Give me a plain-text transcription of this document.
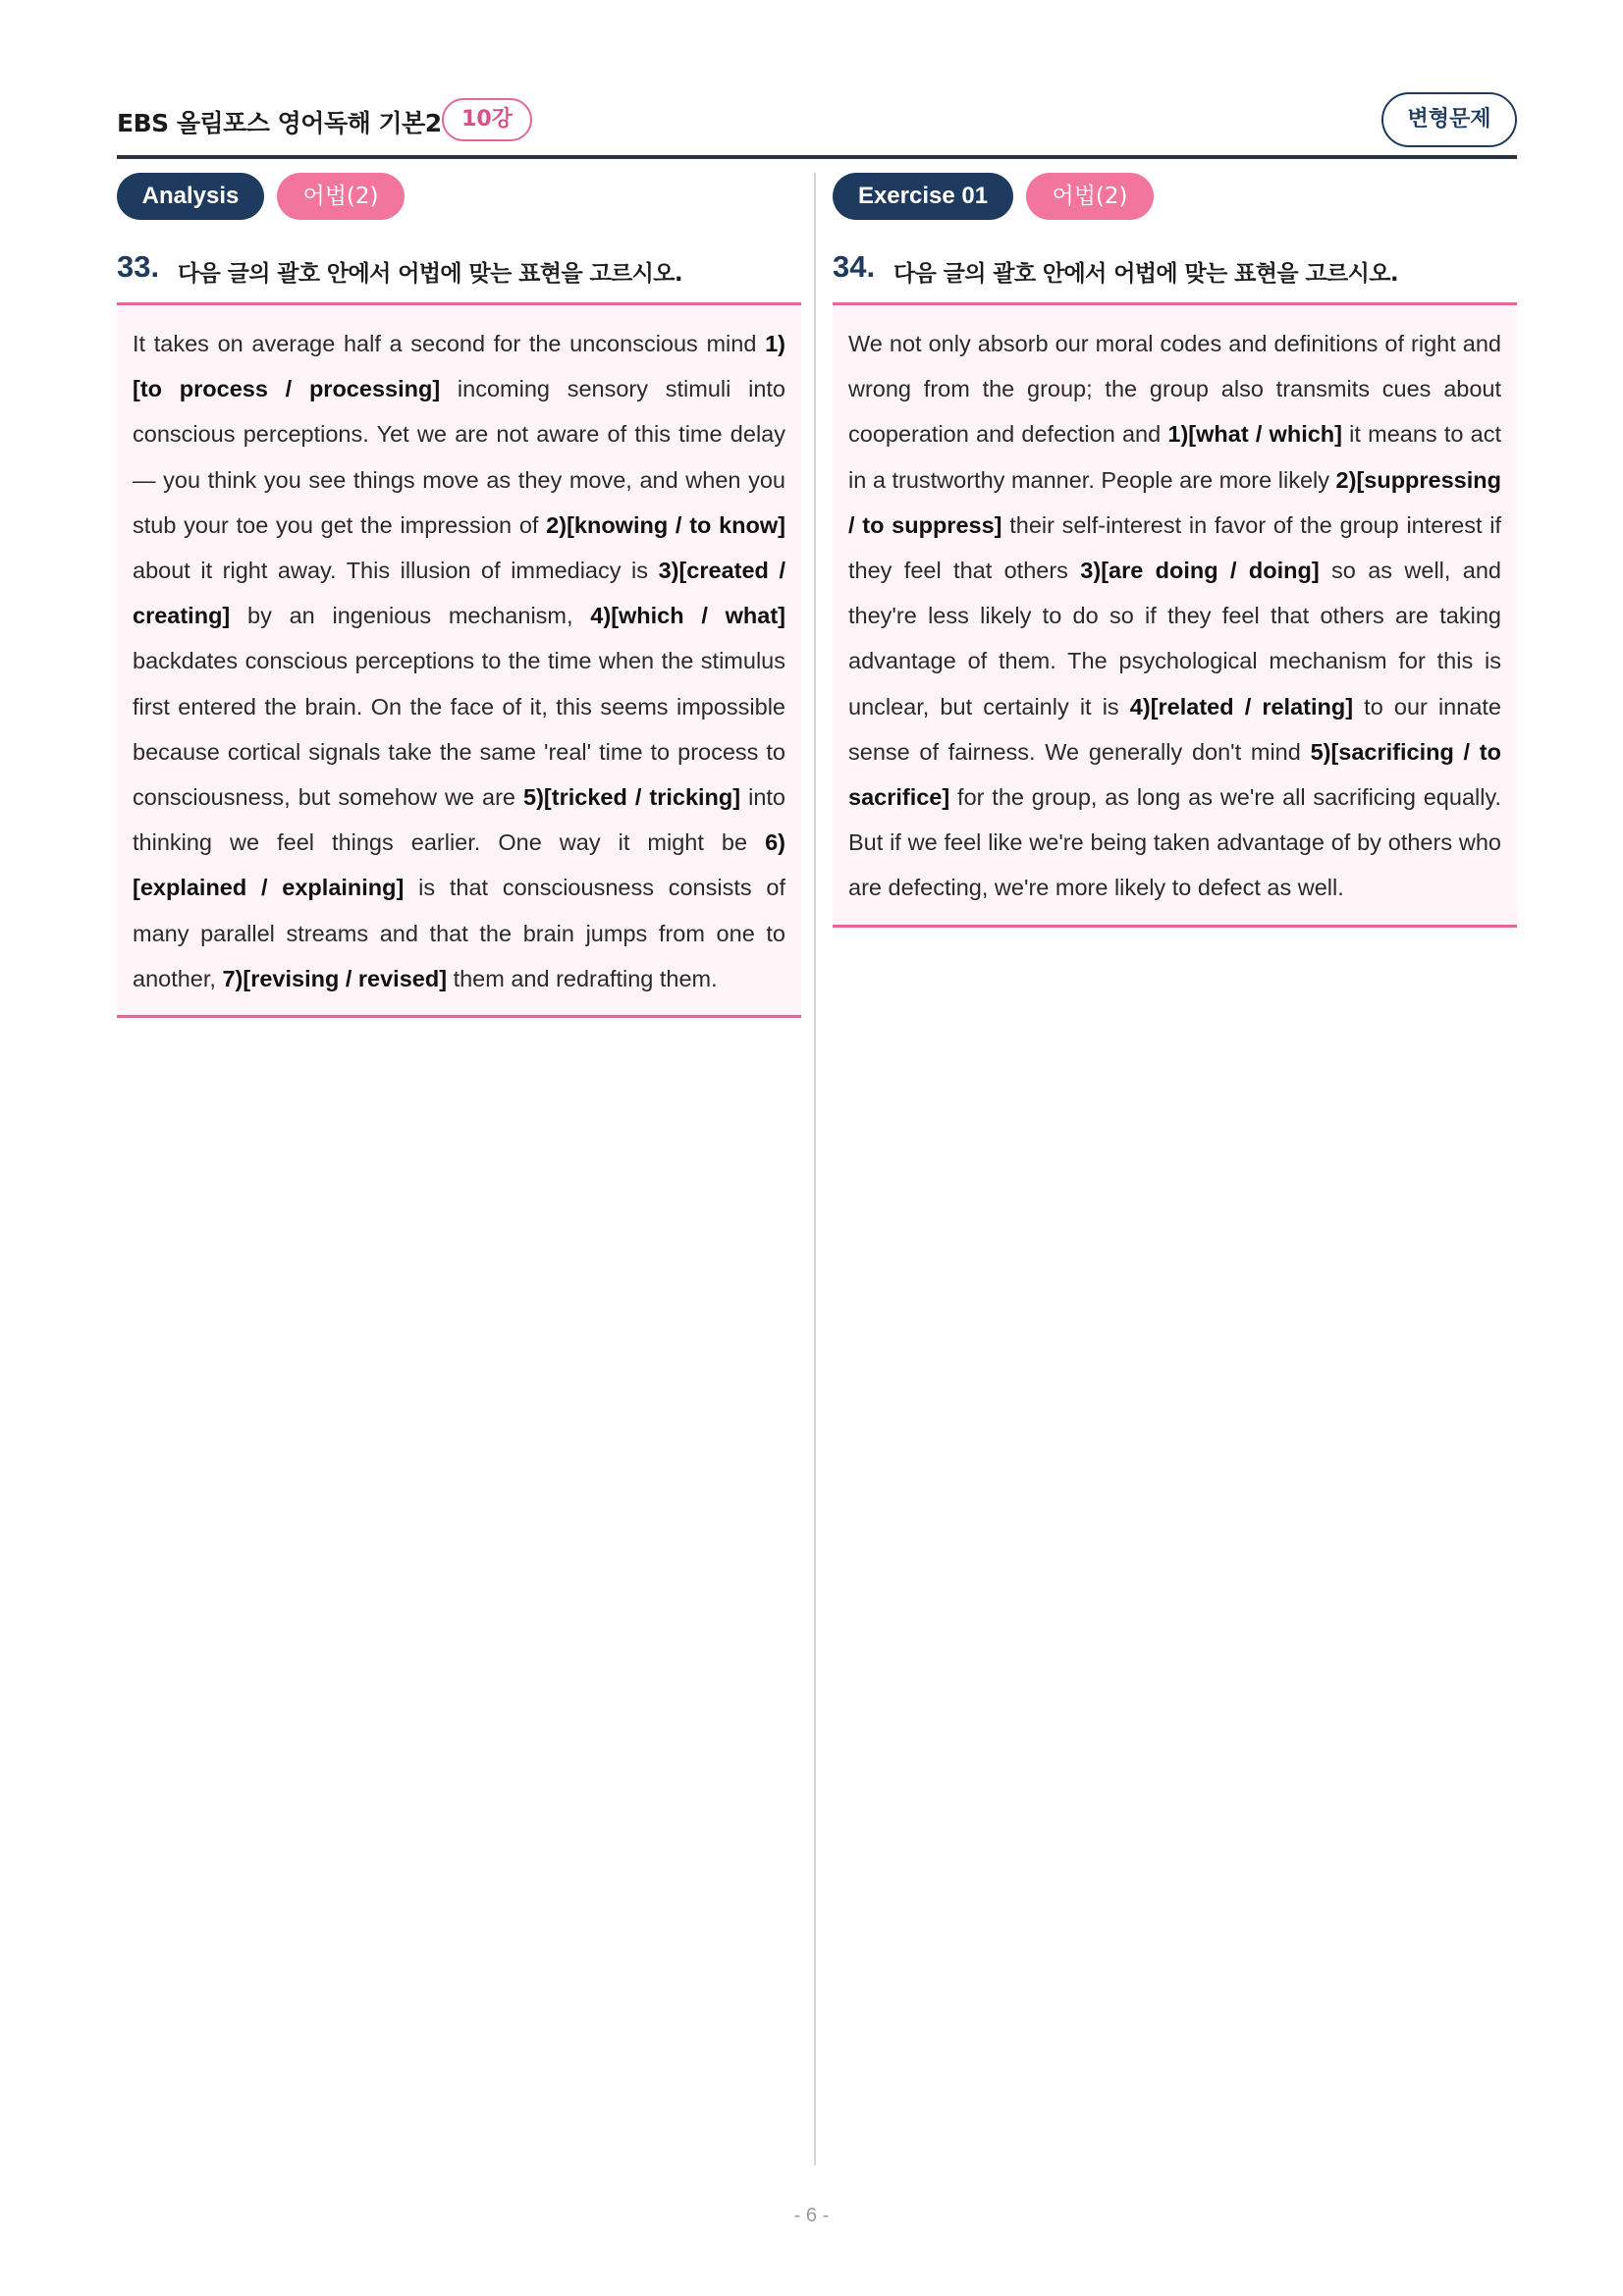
EBS 올림포스 영어독해 기본2 10강	변형문제
Analysis	어법(2)
33. 다음 글의 괄호 안에서 어법에 맞는 표현을 고르시오.
It takes on average half a second for the unconscious mind 1)[to process / processing] incoming sensory stimuli into conscious perceptions. Yet we are not aware of this time delay — you think you see things move as they move, and when you stub your toe you get the impression of 2)[knowing / to know] about it right away. This illusion of immediacy is 3)[created / creating] by an ingenious mechanism, 4)[which / what] backdates conscious perceptions to the time when the stimulus first entered the brain. On the face of it, this seems impossible because cortical signals take the same 'real' time to process to consciousness, but somehow we are 5)[tricked / tricking] into thinking we feel things earlier. One way it might be 6)[explained / explaining] is that consciousness consists of many parallel streams and that the brain jumps from one to another, 7)[revising / revised] them and redrafting them.
Exercise 01	어법(2)
34. 다음 글의 괄호 안에서 어법에 맞는 표현을 고르시오.
We not only absorb our moral codes and definitions of right and wrong from the group; the group also transmits cues about cooperation and defection and 1)[what / which] it means to act in a trustworthy manner. People are more likely 2)[suppressing / to suppress] their self-interest in favor of the group interest if they feel that others 3)[are doing / doing] so as well, and they're less likely to do so if they feel that others are taking advantage of them. The psychological mechanism for this is unclear, but certainly it is 4)[related / relating] to our innate sense of fairness. We generally don't mind 5)[sacrificing / to sacrifice] for the group, as long as we're all sacrificing equally. But if we feel like we're being taken advantage of by others who are defecting, we're more likely to defect as well.
- 6 -
